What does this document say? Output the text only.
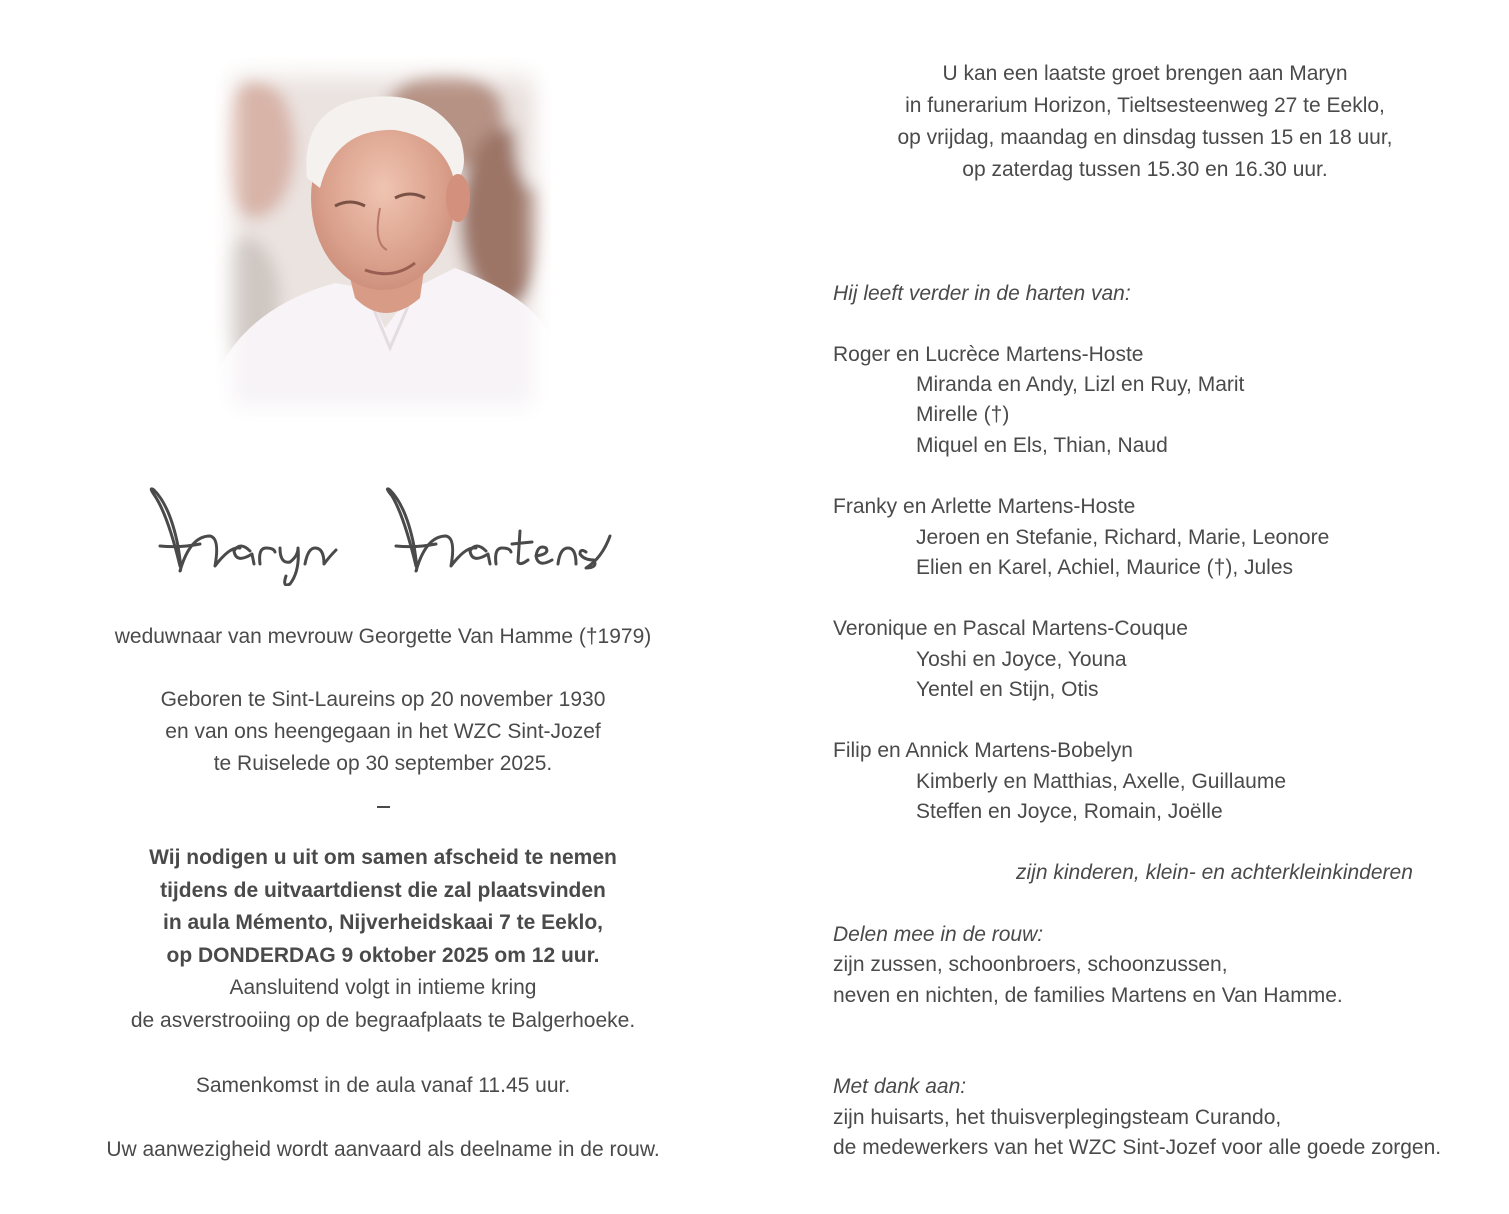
weduwnaar van mevrouw Georgette Van Hamme (†1979)
Geboren te Sint-Laureins op 20 november 1930
en van ons heengegaan in het WZC Sint-Jozef
te Ruiselede op 30 september 2025.
Wij nodigen u uit om samen afscheid te nemen
tijdens de uitvaartdienst die zal plaatsvinden
in aula Mémento, Nijverheidskaai 7 te Eeklo,
op DONDERDAG 9 oktober 2025 om 12 uur.
Aansluitend volgt in intieme kring
de asverstrooiing op de begraafplaats te Balgerhoeke.
Samenkomst in de aula vanaf 11.45 uur.
Uw aanwezigheid wordt aanvaard als deelname in de rouw.
U kan een laatste groet brengen aan Maryn
in funerarium Horizon, Tieltsesteenweg 27 te Eeklo,
op vrijdag, maandag en dinsdag tussen 15 en 18 uur,
op zaterdag tussen 15.30 en 16.30 uur.
Hij leeft verder in de harten van:
Roger en Lucrèce Martens-Hoste
Miranda en Andy, Lizl en Ruy, Marit
Mirelle (†)
Miquel en Els, Thian, Naud
Franky en Arlette Martens-Hoste
Jeroen en Stefanie, Richard, Marie, Leonore
Elien en Karel, Achiel, Maurice (†), Jules
Veronique en Pascal Martens-Couque
Yoshi en Joyce, Youna
Yentel en Stijn, Otis
Filip en Annick Martens-Bobelyn
Kimberly en Matthias, Axelle, Guillaume
Steffen en Joyce, Romain, Joëlle
zijn kinderen, klein- en achterkleinkinderen
Delen mee in de rouw:
zijn zussen, schoonbroers, schoonzussen,
neven en nichten, de families Martens en Van Hamme.
Met dank aan:
zijn huisarts, het thuisverplegingsteam Curando,
de medewerkers van het WZC Sint-Jozef voor alle goede zorgen.
